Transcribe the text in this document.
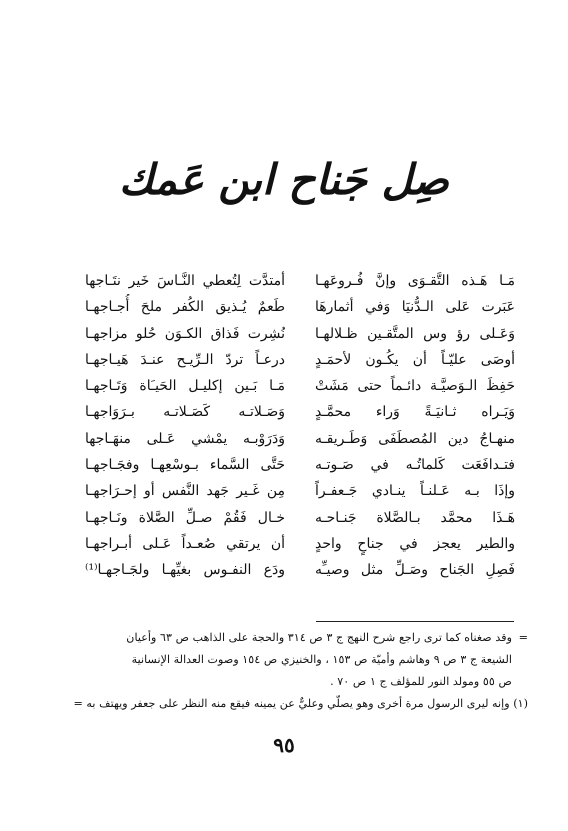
صِل جَناح ابن عَمك
مَـا هَـذه التَّقـوَى وإنَّ فُـروعَهـا
أمتدَّت لِتُعطي النَّـاسَ خَير نتَـاجها
عَبَرت عَلى الـدُّنيَا وَفي أثمارهَا
طَعمٌ يُـذيق الكُفر ملحَ أُجـاجهـا
وَعَـلى رؤ وس المتَّقـين ظـلالهـا
نُشِرت فَذاق الكـوَن حُلو مزاجهـا
أوصَى عليّـاً أن يكُـون لأحمَـدٍ
درعـاً تردّ الـرِّيـح عنـدَ هَيـاجهـا
حَفِظَ الـوَصيَّـة دائـماً حتى مَشَتْ
مَـا بَـين إكليـل الحَيـَاة وَتَـاجهـا
وَيَـراه ثـانيَـةً وَراء محمَّـدٍ
وَصَـلاتـه كَصَـلاتـه بـرَوَاجهـا
منهـاجُ دين المُصطَفَى وَطَـريقـه
وَدَرَوْبـه يمْشي عَـلى منهَـاجها
فتـدافَعَت كَلماتُـه في صَـوتـه
حَتَّى السَّماء بـوسْعِهـا وفجَـاجهـا
وإذَا بـه عَـلنـاً ينـادي جَـعفـراً
مِن غَـير جَهد النَّفس أو إحـرَاجهـا
هَـذَا محمَّد بـالصَّلاة جَنـاحـه
خـال فَقُمْ صـلِّ الصَّلاة ونَـاجهـا
والطير يعجز في جناحٍ واحدٍ
أن يرتقي صُعـداً عَـلى أبـراجهـا
فَصِلِ الجَناح وصَـلِّ مثل وصيـِّه
ودَع النفـوس بغيِّهـا ولجَـاجهـا⁽¹⁾
=وقد صغناه كما ترى راجع شرح النهج ج ٣ ص ٣١٤ والحجة على الذاهب ص ٦٣ وأعيان
الشيعة ج ٣ ص ٩ وهاشم وأميّة ص ١٥٣ ، والخنيزي ص ١٥٤ وصوت العدالة الإنسانية
ص ٥٥ ومولد النور للمؤلف ج ١ ص ٧٠ .
(١) وإنه ليرى الرسول مرة أخرى وهو يصلّي وعليٌّ عن يمينه فيقع منه النظر على جعفر ويهتف به =
٩٥
